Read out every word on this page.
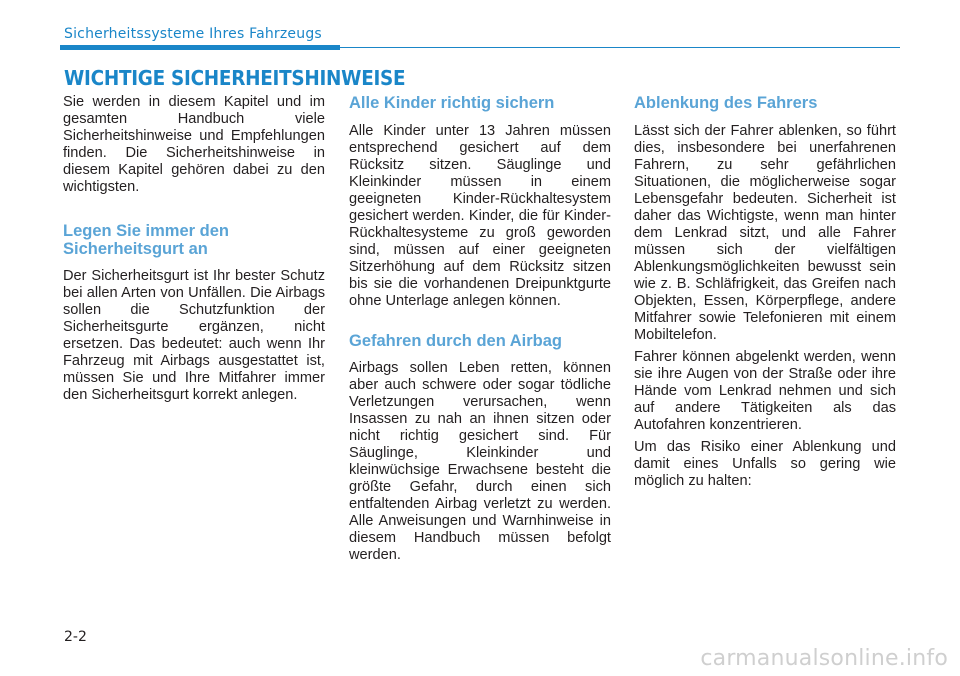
Sicherheitssysteme Ihres Fahrzeugs
WICHTIGE SICHERHEITSHINWEISE

Sie werden in diesem Kapitel und im gesamten Handbuch viele Sicherheitshinweise und Empfehlungen finden. Die Sicherheitshinweise in diesem Kapitel gehören dabei zu den wichtigsten.

Legen Sie immer den
Sicherheitsgurt an

Der Sicherheitsgurt ist Ihr bester Schutz bei allen Arten von Unfällen. Die Airbags sollen die Schutzfunktion der Sicherheitsgurte ergänzen, nicht ersetzen. Das bedeutet: auch wenn Ihr Fahrzeug mit Airbags ausgestattet ist, müssen Sie und Ihre Mitfahrer immer den Sicherheitsgurt korrekt anlegen.

Alle Kinder richtig sichern

Alle Kinder unter 13 Jahren müssen entsprechend gesichert auf dem Rücksitz sitzen. Säuglinge und Kleinkinder müssen in einem geeigneten Kinder-Rückhaltesystem gesichert werden. Kinder, die für Kinder-Rückhaltesysteme zu groß geworden sind, müssen auf einer geeigneten Sitzerhöhung auf dem Rücksitz sitzen bis sie die vorhandenen Dreipunktgurte ohne Unterlage anlegen können.

Gefahren durch den Airbag

Airbags sollen Leben retten, können aber auch schwere oder sogar tödliche Verletzungen verursachen, wenn Insassen zu nah an ihnen sitzen oder nicht richtig gesichert sind. Für Säuglinge, Kleinkinder und kleinwüchsige Erwachsene besteht die größte Gefahr, durch einen sich entfaltenden Airbag verletzt zu werden. Alle Anweisungen und Warnhinweise in diesem Handbuch müssen befolgt werden.

Ablenkung des Fahrers

Lässt sich der Fahrer ablenken, so führt dies, insbesondere bei unerfahrenen Fahrern, zu sehr gefährlichen Situationen, die möglicherweise sogar Lebensgefahr bedeuten. Sicherheit ist daher das Wichtigste, wenn man hinter dem Lenkrad sitzt, und alle Fahrer müssen sich der vielfältigen Ablenkungsmöglichkeiten bewusst sein wie z. B. Schläfrigkeit, das Greifen nach Objekten, Essen, Körperpflege, andere Mitfahrer sowie Telefonieren mit einem Mobiltelefon.

Fahrer können abgelenkt werden, wenn sie ihre Augen von der Straße oder ihre Hände vom Lenkrad nehmen und sich auf andere Tätigkeiten als das Autofahren konzentrieren.

Um das Risiko einer Ablenkung und damit eines Unfalls so gering wie möglich zu halten:

2-2
carmanualsonline.info
